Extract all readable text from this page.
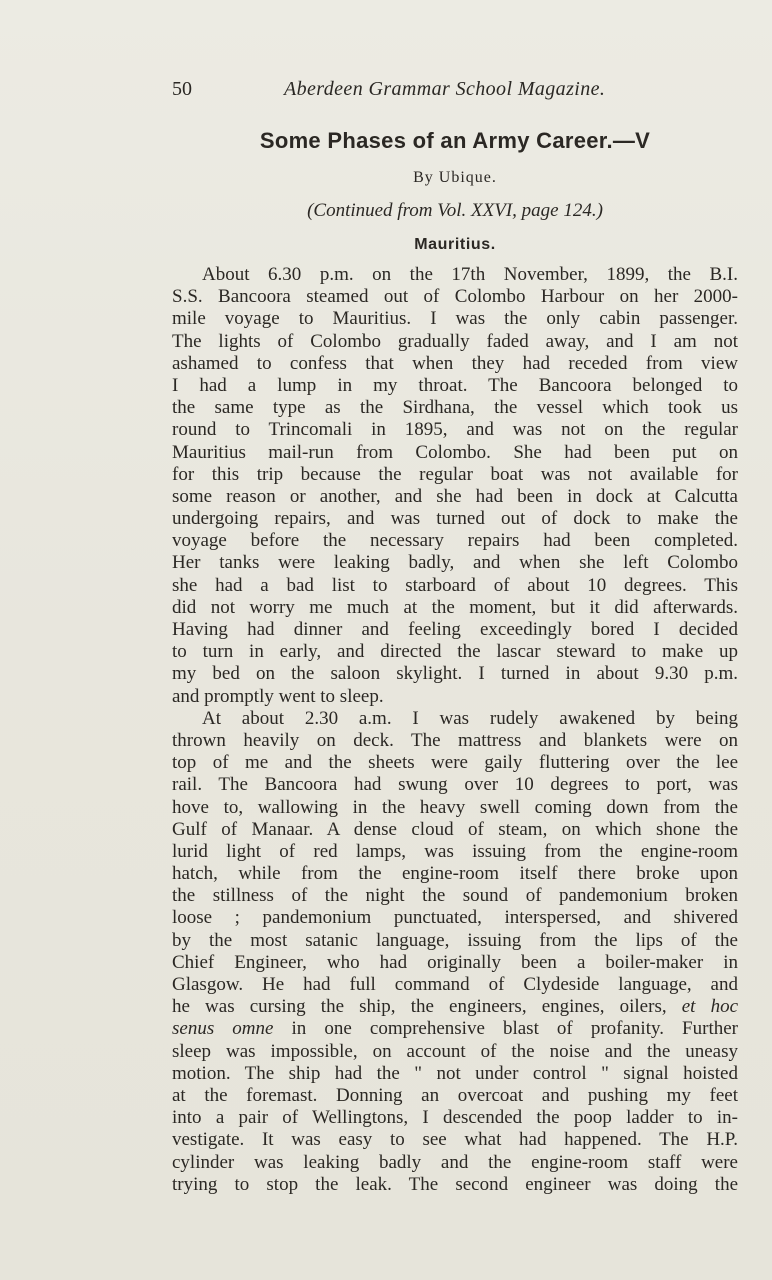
50	Aberdeen Grammar School Magazine.
Some Phases of an Army Career.—V
By Ubique.
(Continued from Vol. XXVI, page 124.)
Mauritius.
About 6.30 p.m. on the 17th November, 1899, the B.I.
S.S. Bancoora steamed out of Colombo Harbour on her 2000-
mile voyage to Mauritius. I was the only cabin passenger.
The lights of Colombo gradually faded away, and I am not
ashamed to confess that when they had receded from view
I had a lump in my throat. The Bancoora belonged to
the same type as the Sirdhana, the vessel which took us
round to Trincomali in 1895, and was not on the regular
Mauritius mail-run from Colombo. She had been put on
for this trip because the regular boat was not available for
some reason or another, and she had been in dock at Calcutta
undergoing repairs, and was turned out of dock to make the
voyage before the necessary repairs had been completed.
Her tanks were leaking badly, and when she left Colombo
she had a bad list to starboard of about 10 degrees. This
did not worry me much at the moment, but it did afterwards.
Having had dinner and feeling exceedingly bored I decided
to turn in early, and directed the lascar steward to make up
my bed on the saloon skylight. I turned in about 9.30 p.m.
and promptly went to sleep.
At about 2.30 a.m. I was rudely awakened by being
thrown heavily on deck. The mattress and blankets were on
top of me and the sheets were gaily fluttering over the lee
rail. The Bancoora had swung over 10 degrees to port, was
hove to, wallowing in the heavy swell coming down from the
Gulf of Manaar. A dense cloud of steam, on which shone the
lurid light of red lamps, was issuing from the engine-room
hatch, while from the engine-room itself there broke upon
the stillness of the night the sound of pandemonium broken
loose ; pandemonium punctuated, interspersed, and shivered
by the most satanic language, issuing from the lips of the
Chief Engineer, who had originally been a boiler-maker in
Glasgow. He had full command of Clydeside language, and
he was cursing the ship, the engineers, engines, oilers, et hoc
senus omne in one comprehensive blast of profanity. Further
sleep was impossible, on account of the noise and the uneasy
motion. The ship had the " not under control " signal hoisted
at the foremast. Donning an overcoat and pushing my feet
into a pair of Wellingtons, I descended the poop ladder to in-
vestigate. It was easy to see what had happened. The H.P.
cylinder was leaking badly and the engine-room staff were
trying to stop the leak. The second engineer was doing the
